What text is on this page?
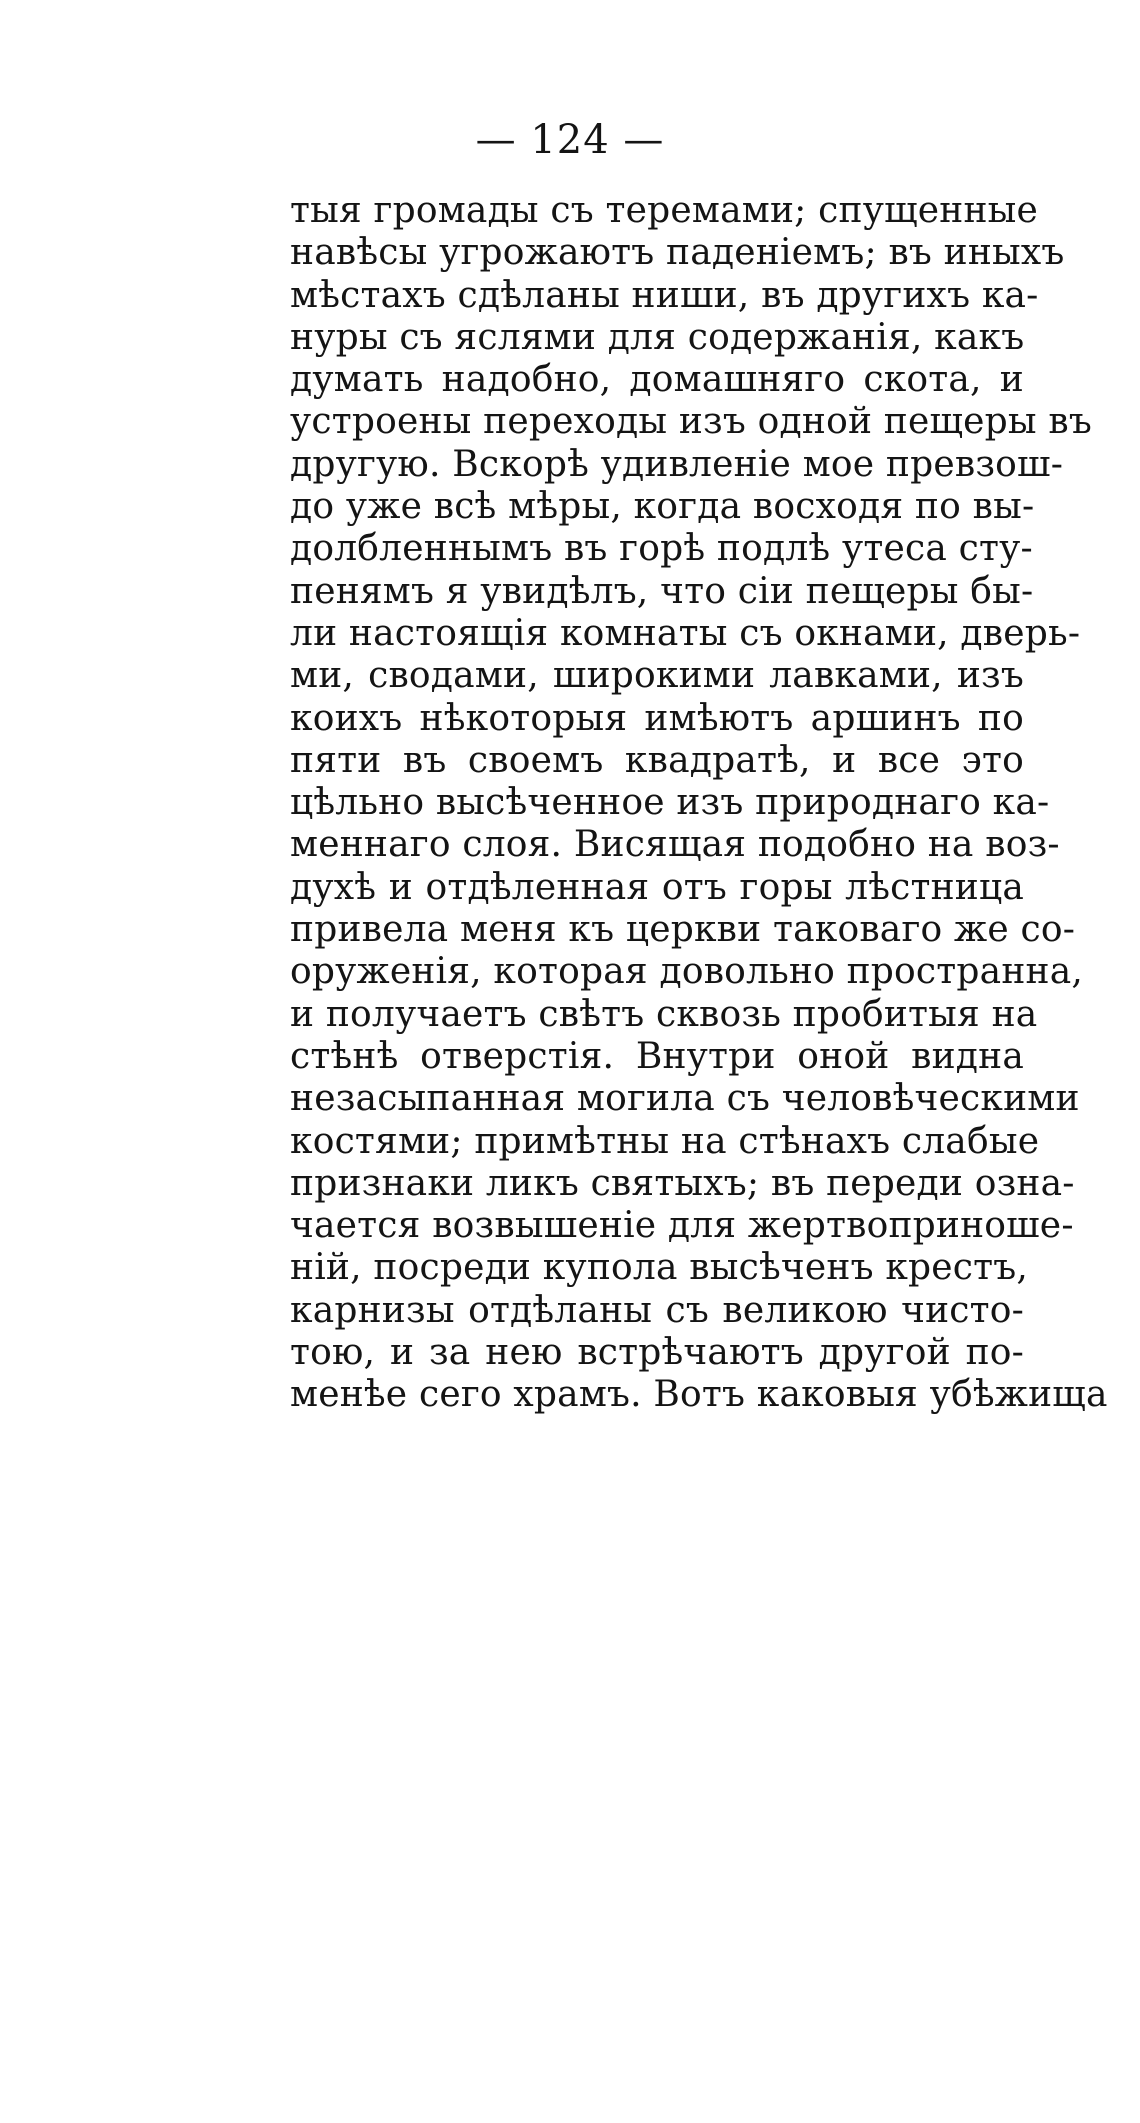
— 124 —
тыя громады съ теремами; спущенные
навѣсы угрожаютъ паденіемъ; въ иныхъ
мѣстахъ сдѣланы ниши, въ другихъ ка-
нуры съ яслями для содержанія, какъ
думать надобно, домашняго скота, и
устроены переходы изъ одной пещеры въ
другую. Вскорѣ удивленіе мое превзош-
до уже всѣ мѣры, когда восходя по вы-
долбленнымъ въ горѣ подлѣ утеса сту-
пенямъ я увидѣлъ, что сіи пещеры бы-
ли настоящія комнаты съ окнами, дверь-
ми, сводами, широкими лавками, изъ
коихъ нѣкоторыя имѣютъ аршинъ по
пяти въ своемъ квадратѣ, и все это
цѣльно высѣченное изъ природнаго ка-
меннаго слоя. Висящая подобно на воз-
духѣ и отдѣленная отъ горы лѣстница
привела меня къ церкви таковаго же со-
оруженія, которая довольно пространна,
и получаетъ свѣтъ сквозь пробитыя на
стѣнѣ отверстія. Внутри оной видна
незасыпанная могила съ человѣческими
костями; примѣтны на стѣнахъ слабые
признаки ликъ святыхъ; въ переди озна-
чается возвышеніе для жертвоприноше-
ній, посреди купола высѣченъ крестъ,
карнизы отдѣланы съ великою чисто-
тою, и за нею встрѣчаютъ другой по-
менѣе сего храмъ. Вотъ каковыя убѣжища
